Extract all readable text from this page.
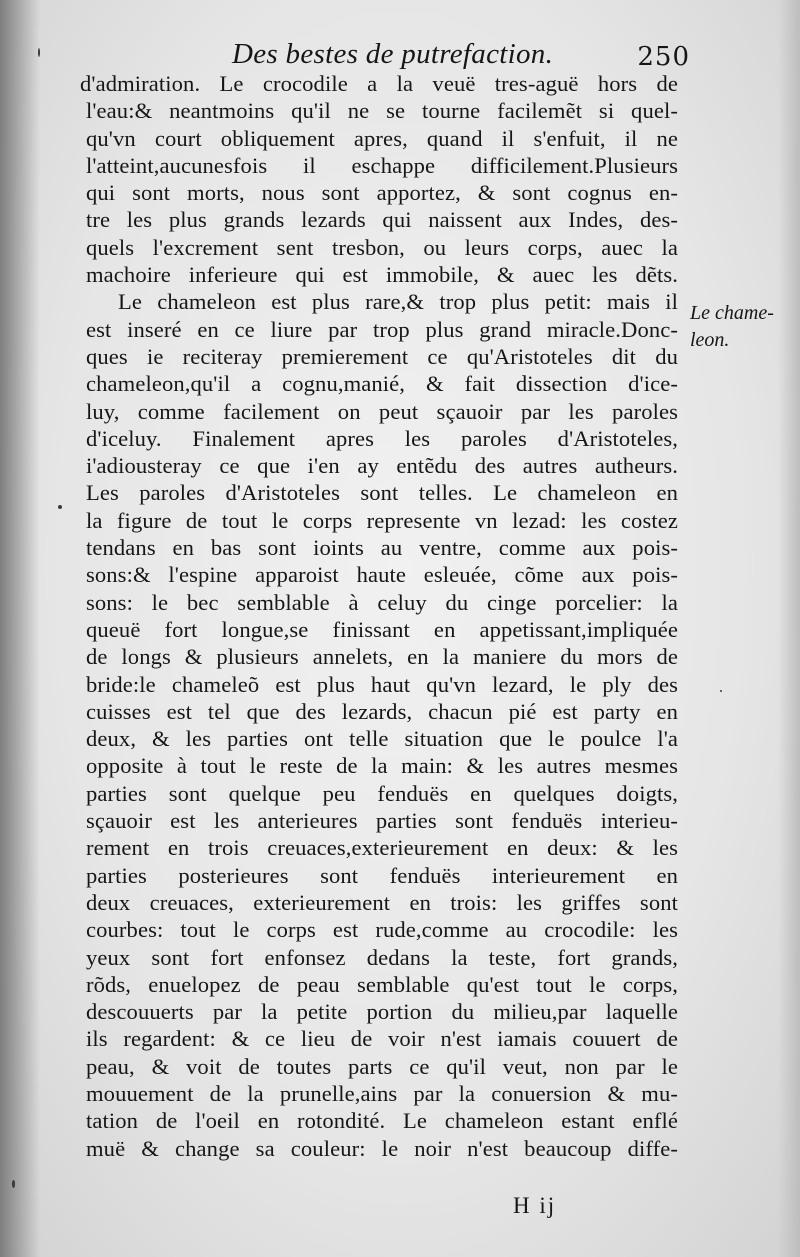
Des bestes de putrefaction.	250
d'admiration. Le crocodile a la veuë tres-aguë hors de
l'eau:& neantmoins qu'il ne se tourne facilemẽt si quel-
qu'vn court obliquement apres, quand il s'enfuit, il ne
l'atteint,aucunesfois il eschappe difficilement.Plusieurs
qui sont morts, nous sont apportez, & sont cognus en-
tre les plus grands lezards qui naissent aux Indes, des-
quels l'excrement sent tresbon, ou leurs corps, auec la
machoire inferieure qui est immobile, & auec les dẽts.
Le chameleon est plus rare,& trop plus petit: mais il
est inseré en ce liure par trop plus grand miracle.Donc-
ques ie reciteray premierement ce qu'Aristoteles dit du
chameleon,qu'il a cognu,manié, & fait dissection d'ice-
luy, comme facilement on peut sçauoir par les paroles
d'iceluy. Finalement apres les paroles d'Aristoteles,
i'adiousteray ce que i'en ay entẽdu des autres autheurs.
Les paroles d'Aristoteles sont telles. Le chameleon en
la figure de tout le corps represente vn lezad: les costez
tendans en bas sont ioints au ventre, comme aux pois-
sons:& l'espine apparoist haute esleuée, cõme aux pois-
sons: le bec semblable à celuy du cinge porcelier: la
queuë fort longue,se finissant en appetissant,impliquée
de longs & plusieurs annelets, en la maniere du mors de
bride:le chameleõ est plus haut qu'vn lezard, le ply des
cuisses est tel que des lezards, chacun pié est party en
deux, & les parties ont telle situation que le poulce l'a
opposite à tout le reste de la main: & les autres mesmes
parties sont quelque peu fenduës en quelques doigts,
sçauoir est les anterieures parties sont fenduës interieu-
rement en trois creuaces,exterieurement en deux: & les
parties posterieures sont fenduës interieurement en
deux creuaces, exterieurement en trois: les griffes sont
courbes: tout le corps est rude,comme au crocodile: les
yeux sont fort enfonsez dedans la teste, fort grands,
rõds, enuelopez de peau semblable qu'est tout le corps,
descouuerts par la petite portion du milieu,par laquelle
ils regardent: & ce lieu de voir n'est iamais couuert de
peau, & voit de toutes parts ce qu'il veut, non par le
mouuement de la prunelle,ains par la conuersion & mu-
tation de l'oeil en rotondité. Le chameleon estant enflé
muë & change sa couleur: le noir n'est beaucoup diffe-
Le chame-
leon.
H ij
